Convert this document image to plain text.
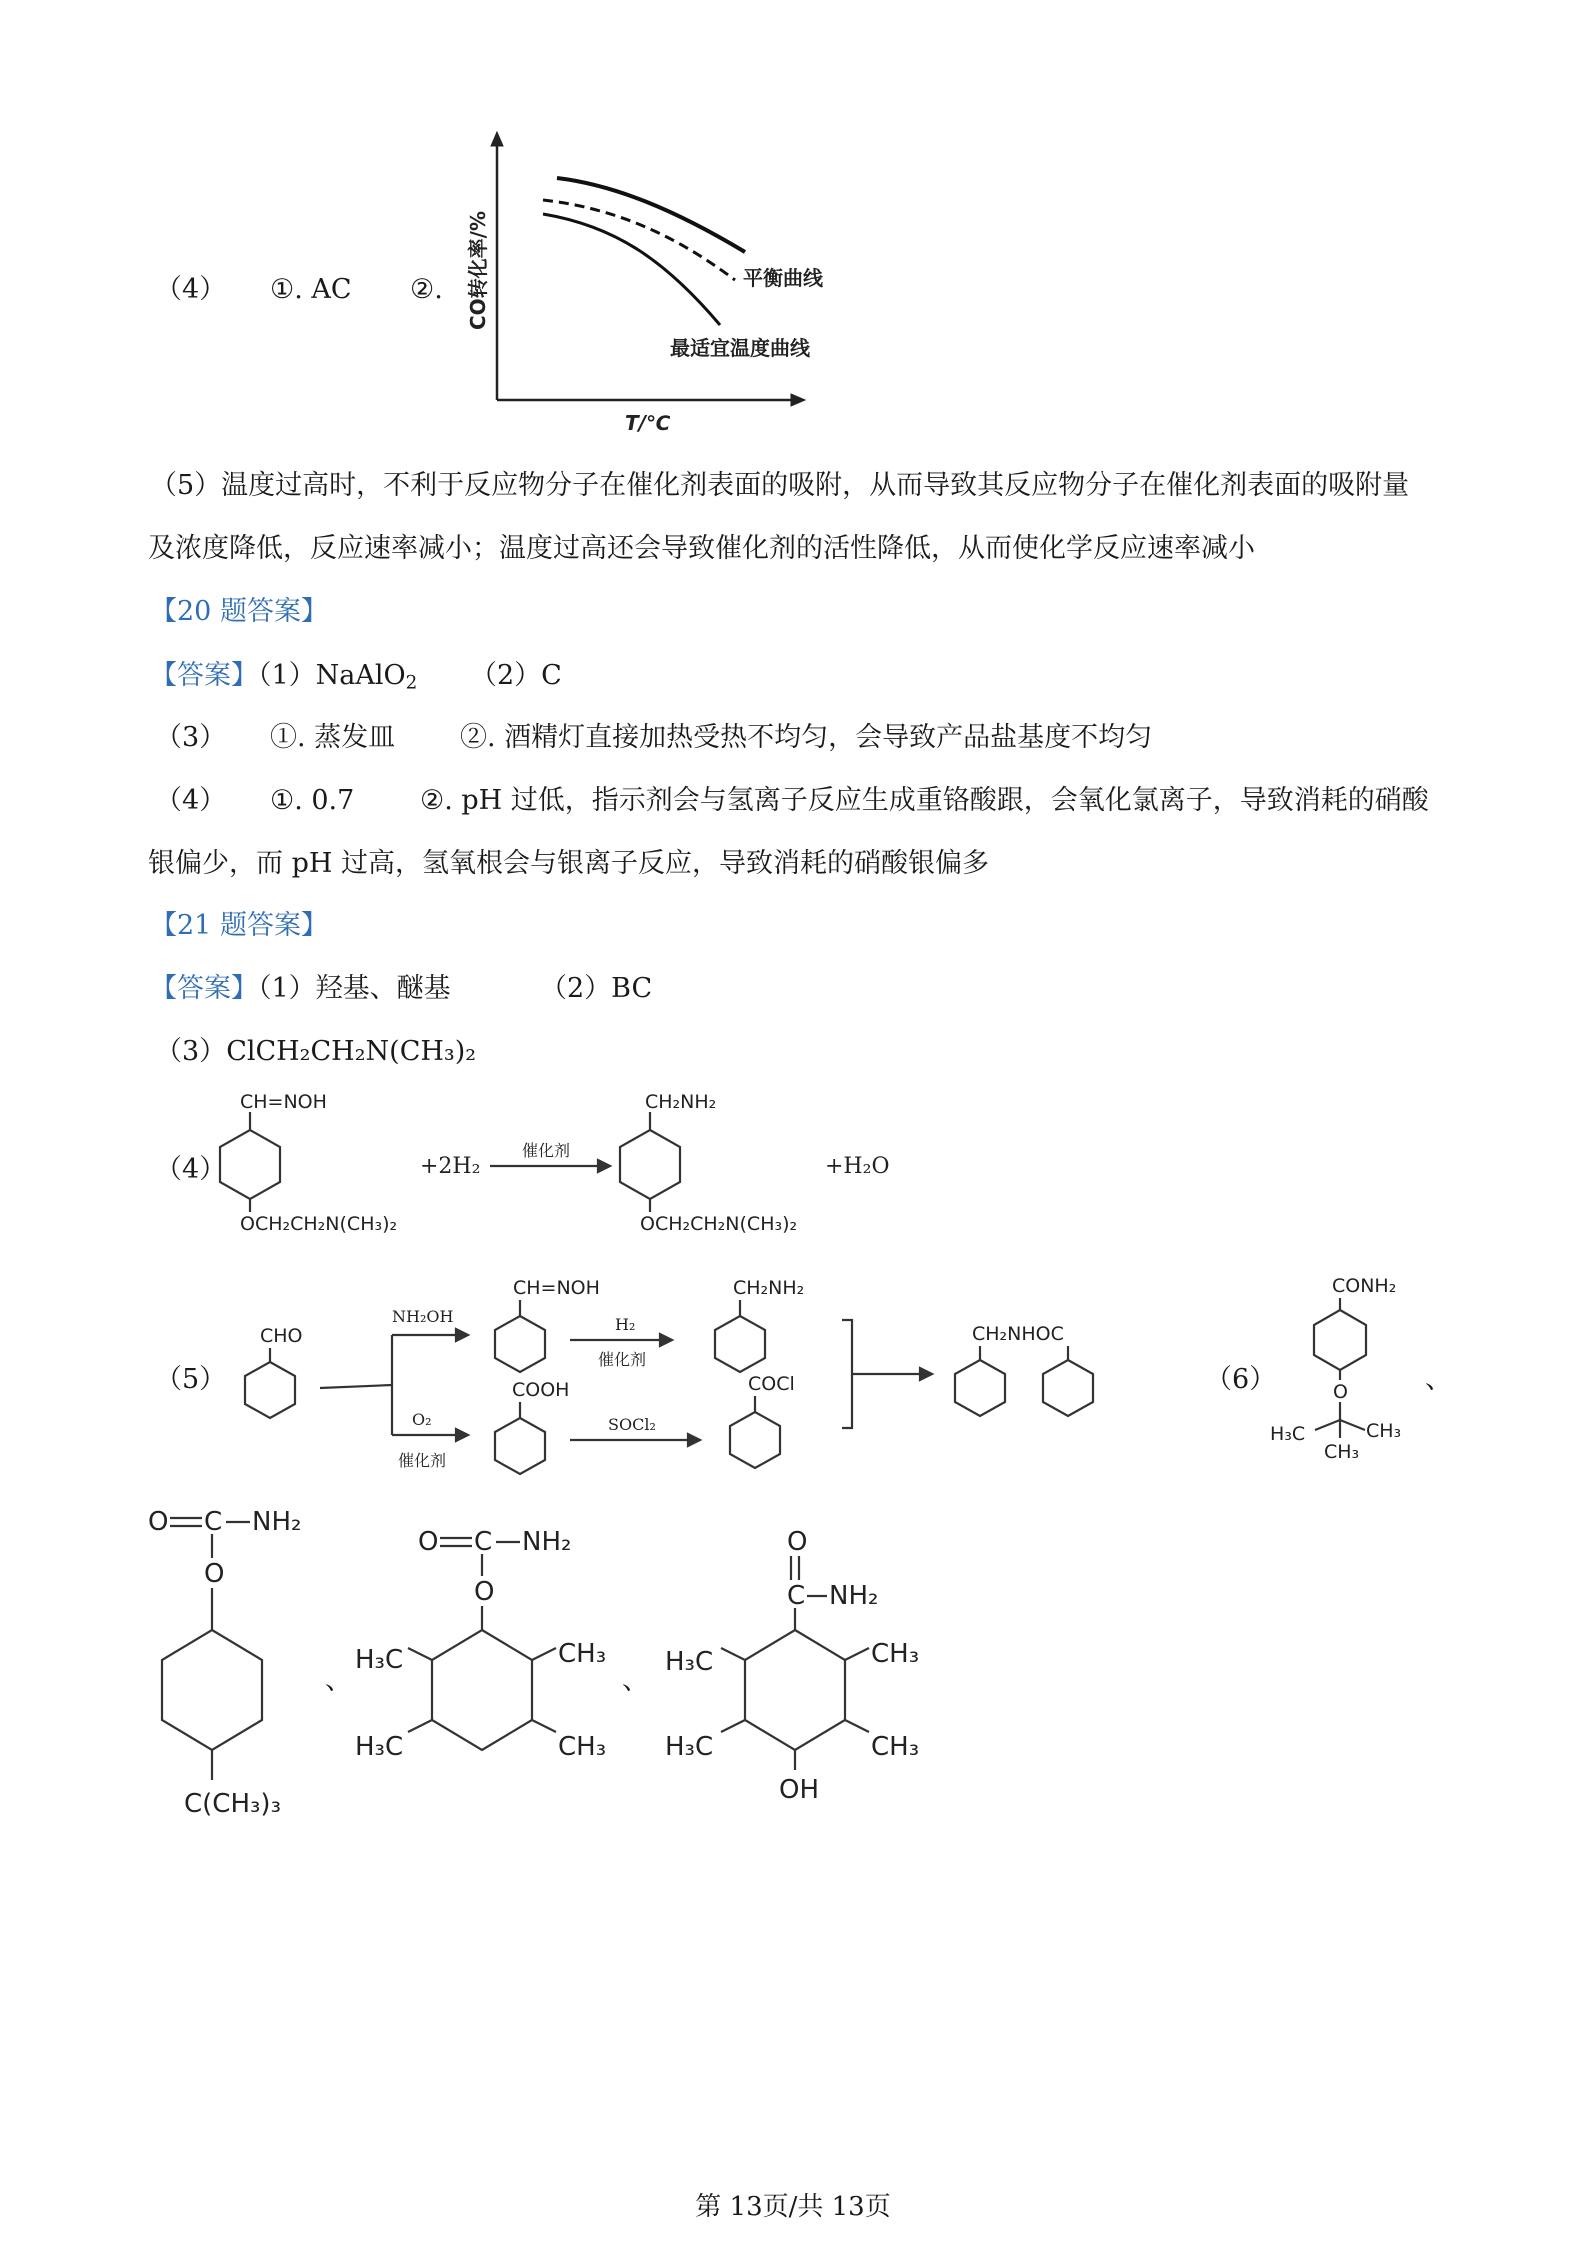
（4） ①. AC ②. CO转化率/%
T/℃
平衡曲线
最适宜温度曲线
（5）温度过高时，不利于反应物分子在催化剂表面的吸附，从而导致其反应物分子在催化剂表面的吸附量
及浓度降低，反应速率减小；温度过高还会导致催化剂的活性降低，从而使化学反应速率减小
【20 题答案】
【答案】（1）NaAlO$_2$ （2）C
（3） ①. 蒸发皿 ②. 酒精灯直接加热受热不均匀，会导致产品盐基度不均匀
（4） ①. 0.7 ②. pH 过低，指示剂会与氢离子反应生成重铬酸跟，会氧化氯离子，导致消耗的硝酸
银偏少，而 pH 过高，氢氧根会与银离子反应，导致消耗的硝酸银偏多
【21 题答案】
【答案】（1）羟基、醚基	（2）BC
（3）ClCH₂CH₂N(CH₃)₂
（4）
CH=NOH
OCH₂CH₂N(CH₃)₂
+2H₂
催化剂
CH₂NH₂
OCH₂CH₂N(CH₃)₂
+H₂O
（5）
CHO
NH₂OH
O₂
催化剂
CH=NOH
H₂
催化剂
CH₂NH₂
COOH
SOCl₂
COCl
CH₂NHOC
（6）
CONH₂
O
H₃C	CH₃
CH₃
、
O C NH₂
O
C(CH₃)₃
、
O C NH₂
O
H₃C	CH₃
H₃C	CH₃
、
O
C NH₂
H₃C	CH₃
H₃C	CH₃
OH
第 13页/共 13页
